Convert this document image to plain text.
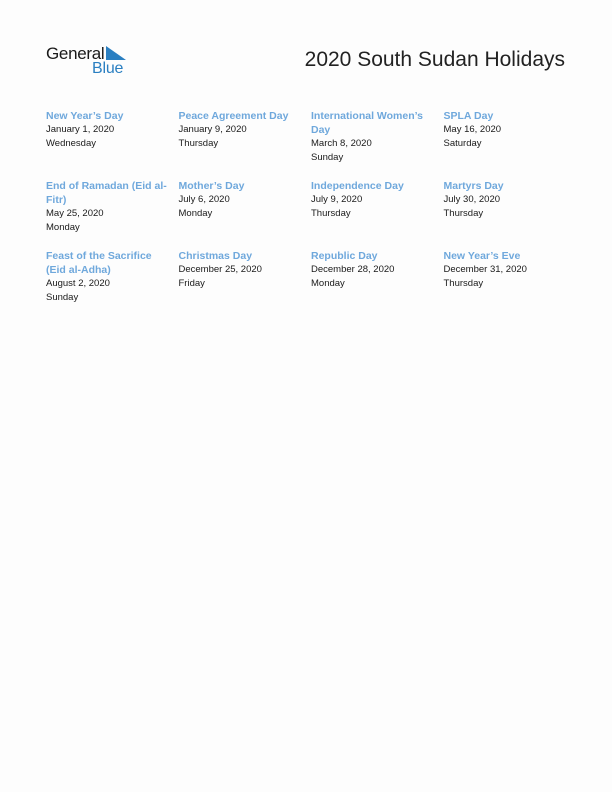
General
Blue	2020 South Sudan Holidays
New Year’s Day
January 1, 2020
Wednesday
Peace Agreement Day
January 9, 2020
Thursday
International Women’s Day
March 8, 2020
Sunday
SPLA Day
May 16, 2020
Saturday
End of Ramadan (Eid al-Fitr)
May 25, 2020
Monday
Mother’s Day
July 6, 2020
Monday
Independence Day
July 9, 2020
Thursday
Martyrs Day
July 30, 2020
Thursday
Feast of the Sacrifice (Eid al-Adha)
August 2, 2020
Sunday
Christmas Day
December 25, 2020
Friday
Republic Day
December 28, 2020
Monday
New Year’s Eve
December 31, 2020
Thursday
